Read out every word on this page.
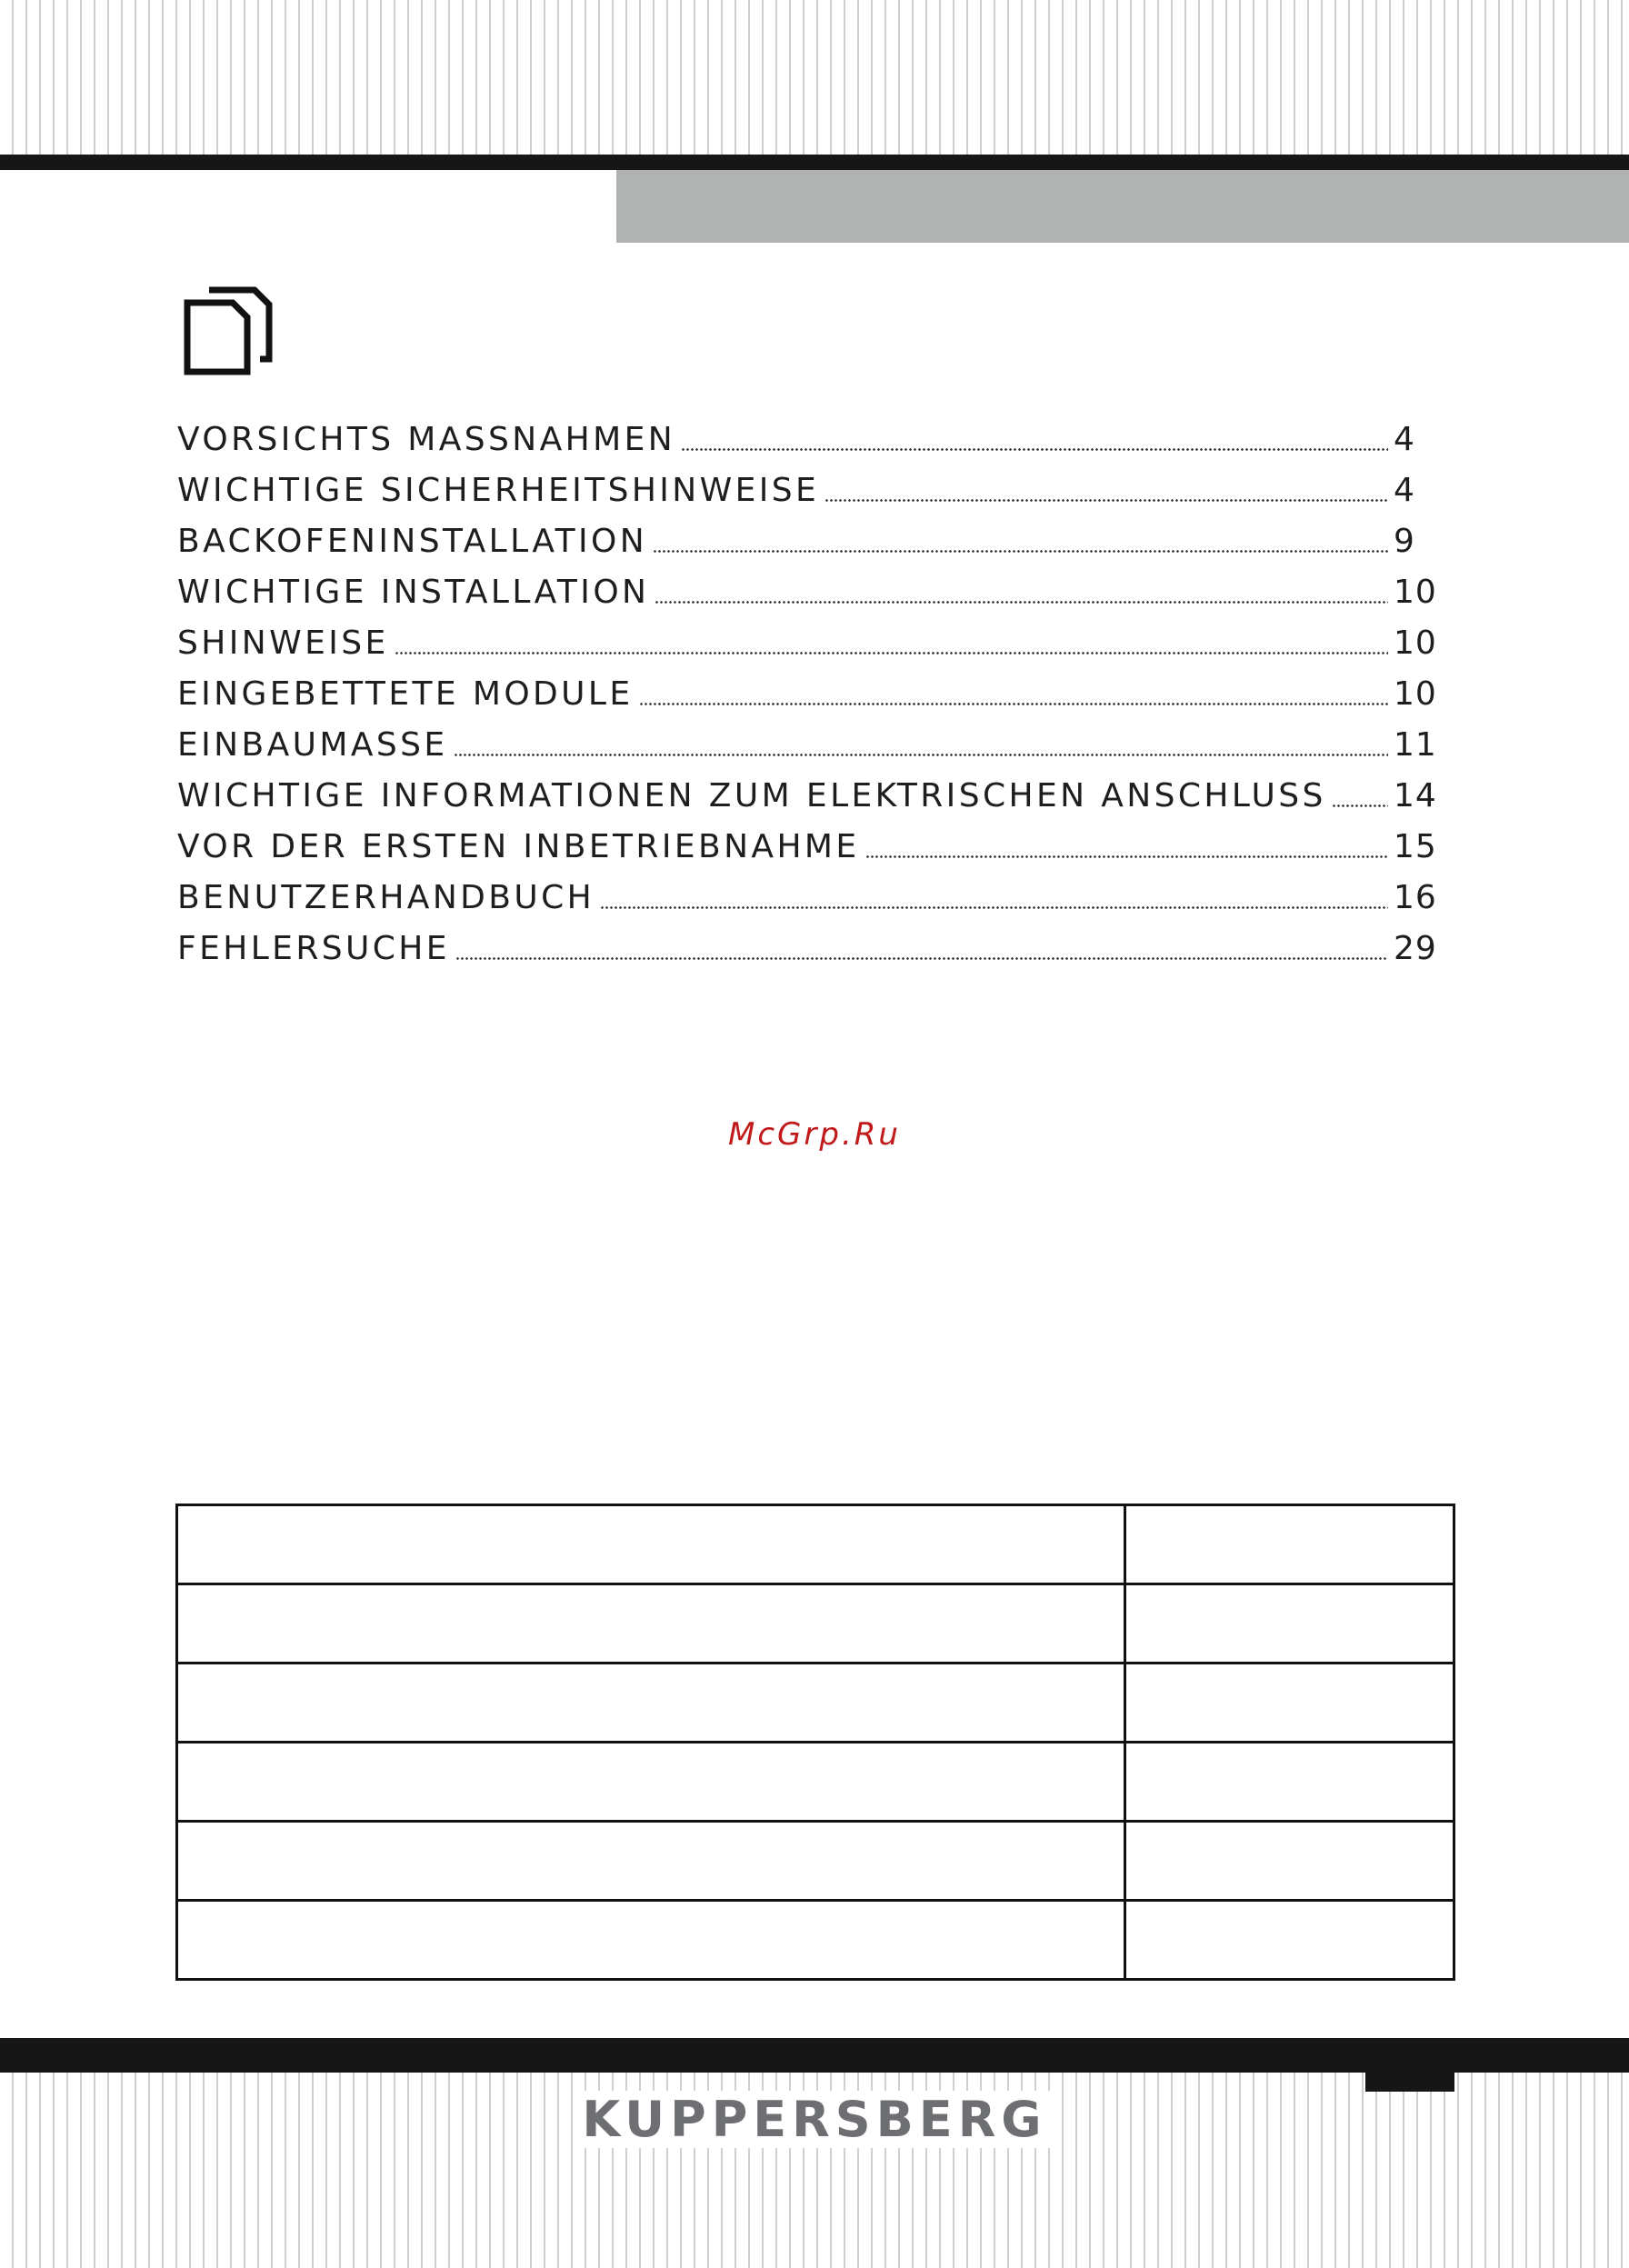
VORSICHTS MASSNAHMEN	4
WICHTIGE SICHERHEITSHINWEISE	4
BACKOFENINSTALLATION	9
WICHTIGE INSTALLATION	10
SHINWEISE	10
EINGEBETTETE MODULE	10
EINBAUMASSE	11
WICHTIGE INFORMATIONEN ZUM ELEKTRISCHEN ANSCHLUSS 14
VOR DER ERSTEN INBETRIEBNAHME	15
BENUTZERHANDBUCH	16
FEHLERSUCHE	29
McGrp.Ru

KUPPERSBERG
